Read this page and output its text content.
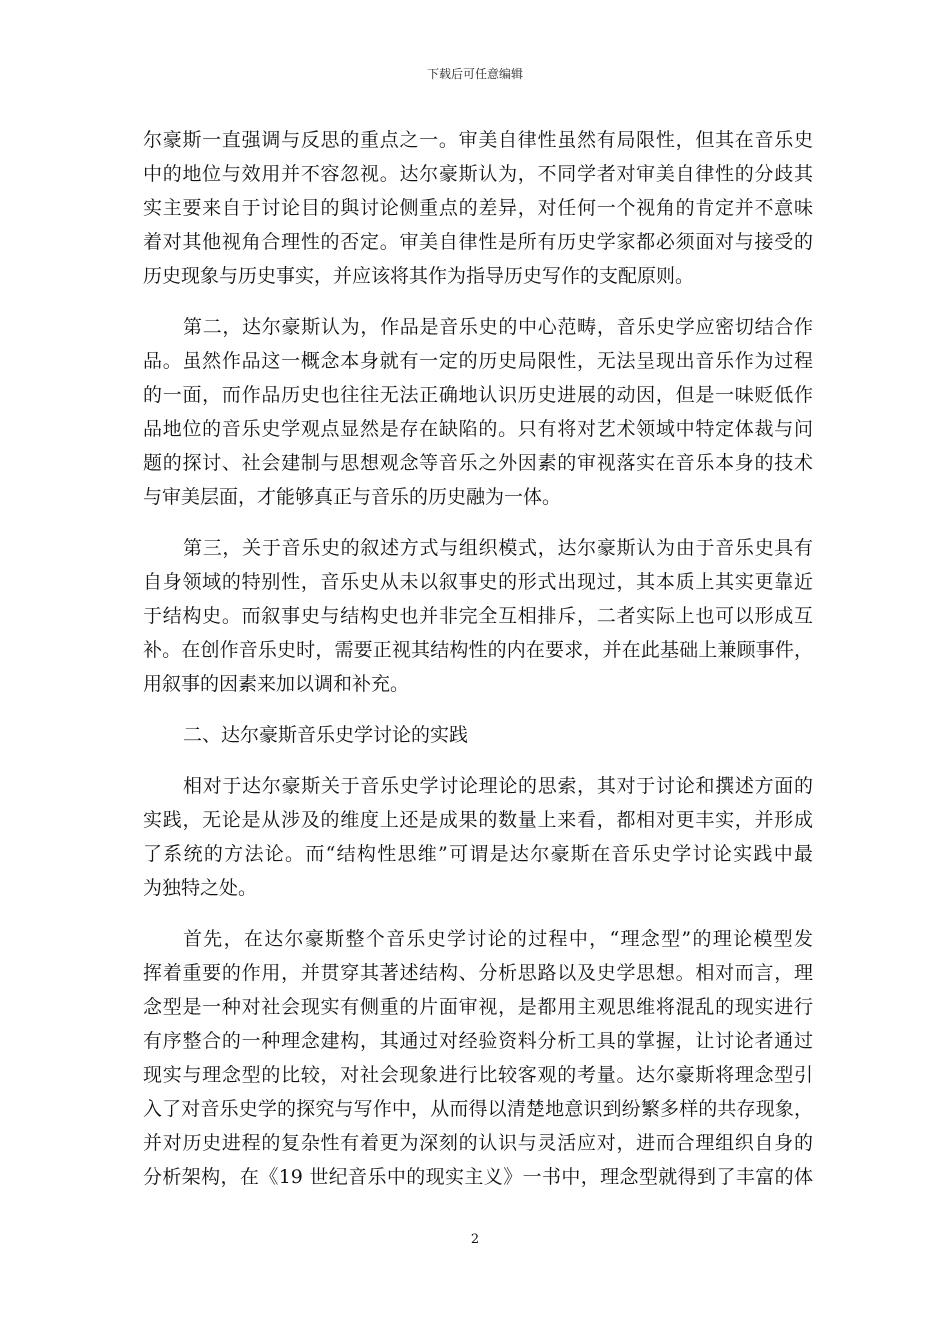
下载后可任意编辑
尔豪斯一直强调与反思的重点之一。审美自律性虽然有局限性，但其在音乐史
中的地位与效用并不容忽视。达尔豪斯认为，不同学者对审美自律性的分歧其
实主要来自于讨论目的與讨论侧重点的差异，对任何一个视角的肯定并不意味
着对其他视角合理性的否定。审美自律性是所有历史学家都必须面对与接受的
历史现象与历史事实，并应该将其作为指导历史写作的支配原则。
第二，达尔豪斯认为，作品是音乐史的中心范畴，音乐史学应密切结合作
品。虽然作品这一概念本身就有一定的历史局限性，无法呈现出音乐作为过程
的一面，而作品历史也往往无法正确地认识历史进展的动因，但是一味贬低作
品地位的音乐史学观点显然是存在缺陷的。只有将对艺术领域中特定体裁与问
题的探讨、社会建制与思想观念等音乐之外因素的审视落实在音乐本身的技术
与审美层面，才能够真正与音乐的历史融为一体。
第三，关于音乐史的叙述方式与组织模式，达尔豪斯认为由于音乐史具有
自身领域的特别性，音乐史从未以叙事史的形式出现过，其本质上其实更靠近
于结构史。而叙事史与结构史也并非完全互相排斥，二者实际上也可以形成互
补。在创作音乐史时，需要正视其结构性的内在要求，并在此基础上兼顾事件，
用叙事的因素来加以调和补充。
二、达尔豪斯音乐史学讨论的实践
相对于达尔豪斯关于音乐史学讨论理论的思索，其对于讨论和撰述方面的
实践，无论是从涉及的维度上还是成果的数量上来看，都相对更丰实，并形成
了系统的方法论。而“结构性思维”可谓是达尔豪斯在音乐史学讨论实践中最
为独特之处。
首先，在达尔豪斯整个音乐史学讨论的过程中，“理念型”的理论模型发
挥着重要的作用，并贯穿其著述结构、分析思路以及史学思想。相对而言，理
念型是一种对社会现实有侧重的片面审视，是都用主观思维将混乱的现实进行
有序整合的一种理念建构，其通过对经验资料分析工具的掌握，让讨论者通过
现实与理念型的比较，对社会现象进行比较客观的考量。达尔豪斯将理念型引
入了对音乐史学的探究与写作中，从而得以清楚地意识到纷繁多样的共存现象，
并对历史进程的复杂性有着更为深刻的认识与灵活应对，进而合理组织自身的
分析架构，在《19 世纪音乐中的现实主义》一书中，理念型就得到了丰富的体
2
